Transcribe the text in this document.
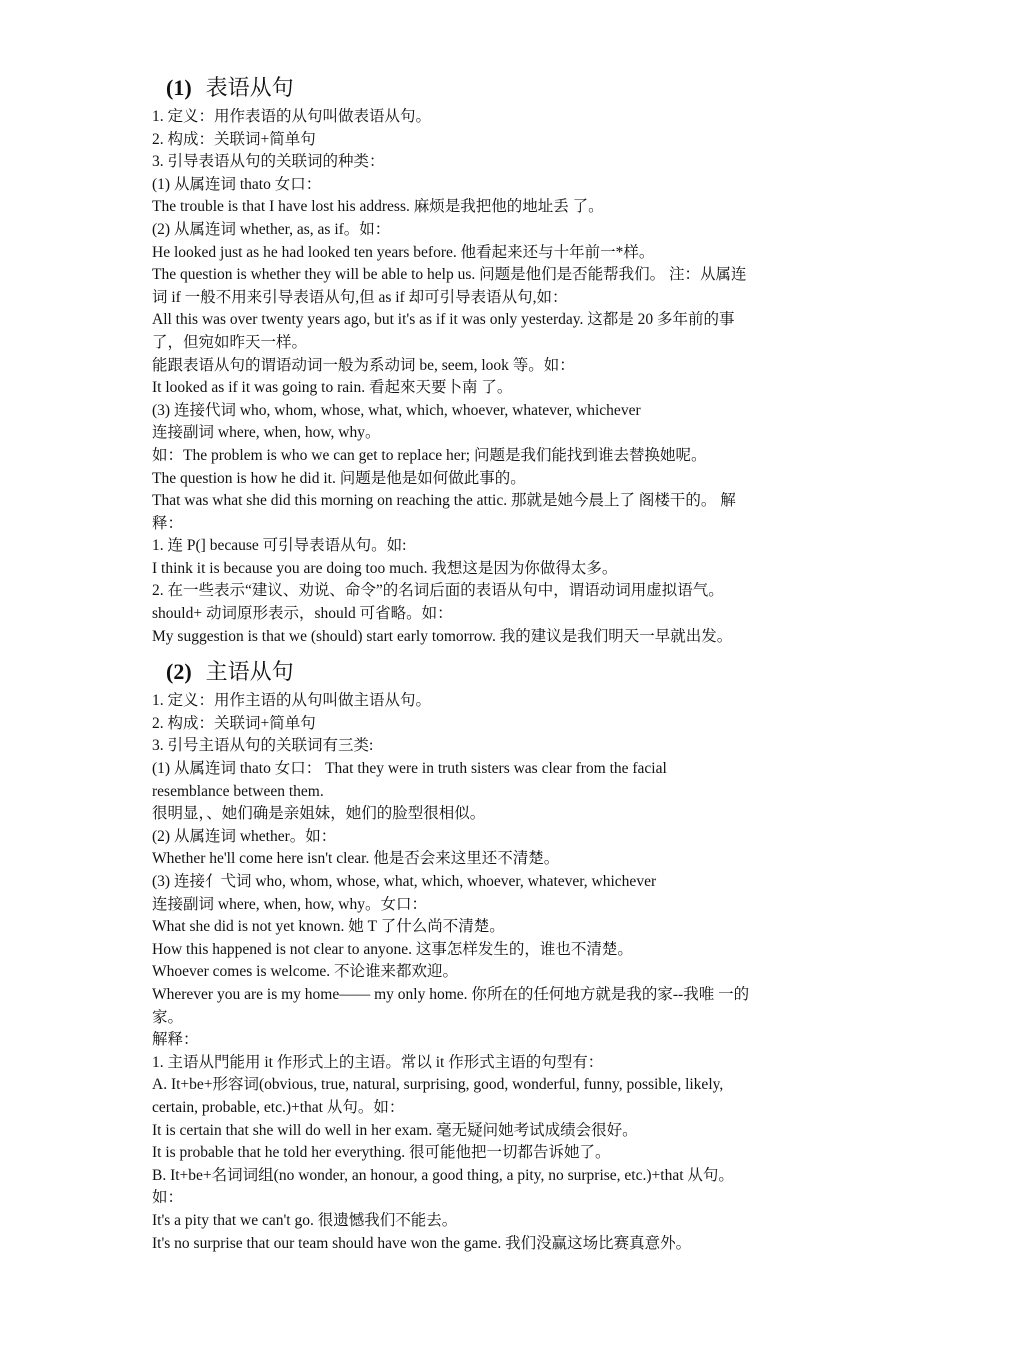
(1) 表语从句
1. 定义：用作表语的从句叫做表语从句。
2. 构成：关联词+简单句
3. 引导表语从句的关联词的种类：
(1) 从属连词 thato 女口：
The trouble is that I have lost his address. 麻烦是我把他的地址丢 了。
(2) 从属连词 whether, as, as if。如：
He looked just as he had looked ten years before. 他看起来还与十年前一*样。
The question is whether they will be able to help us. 问题是他们是否能帮我们。 注：从属连
词 if 一般不用来引导表语从句,但 as if 却可引导表语从句,如：
All this was over twenty years ago, but it's as if it was only yesterday. 这都是 20 多年前的事
了，但宛如昨天一样。
能跟表语从句的谓语动词一般为系动词 be, seem, look 等。如：
It looked as if it was going to rain. 看起來天要卜南 了。
(3) 连接代词 who, whom, whose, what, which, whoever, whatever, whichever
连接副词 where, when, how, why。
如：The problem is who we can get to replace her; 问题是我们能找到谁去替换她呢。
The question is how he did it. 问题是他是如何做此事的。
That was what she did this morning on reaching the attic. 那就是她今晨上了 阁楼干的。 解
释：
1. 连 P(] because 可引导表语从句。如:
I think it is because you are doing too much. 我想这是因为你做得太多。
2. 在一些表示“建议、劝说、命令”的名词后面的表语从句中，谓语动词用虚拟语气。
should+ 动词原形表示，should 可省略。如：
My suggestion is that we (should) start early tomorrow. 我的建议是我们明天一早就出发。
(2) 主语从句
1. 定义：用作主语的从句叫做主语从句。
2. 构成：关联词+简单句
3. 引号主语从句的关联词有三类:
(1) 从属连词 thato 女口： That they were in truth sisters was clear from the facial
resemblance between them.
很明显，、她们确是亲姐妹，她们的脸型很相似。
(2) 从属连词 whether。如：
Whether he'll come here isn't clear. 他是否会来这里还不清楚。
(3) 连接亻弋词 who, whom, whose, what, which, whoever, whatever, whichever
连接副词 where, when, how, why。女口：
What she did is not yet known. 她 T 了什么尚不清楚。
How this happened is not clear to anyone. 这事怎样发生的，谁也不清楚。
Whoever comes is welcome. 不论谁来都欢迎。
Wherever you are is my home—— my only home. 你所在的任何地方就是我的家--我唯 一的
家。
解释：
1. 主语从門能用 it 作形式上的主语。常以 it 作形式主语的句型有：
A. It+be+形容词(obvious, true, natural, surprising, good, wonderful, funny, possible, likely,
certain, probable, etc.)+that 从句。如：
It is certain that she will do well in her exam. 毫无疑问她考试成绩会很好。
It is probable that he told her everything. 很可能他把一切都告诉她了。
B. It+be+名词词组(no wonder, an honour, a good thing, a pity, no surprise, etc.)+that 从句。
如：
It's a pity that we can't go. 很遗憾我们不能去。
It's no surprise that our team should have won the game. 我们没赢这场比赛真意外。
